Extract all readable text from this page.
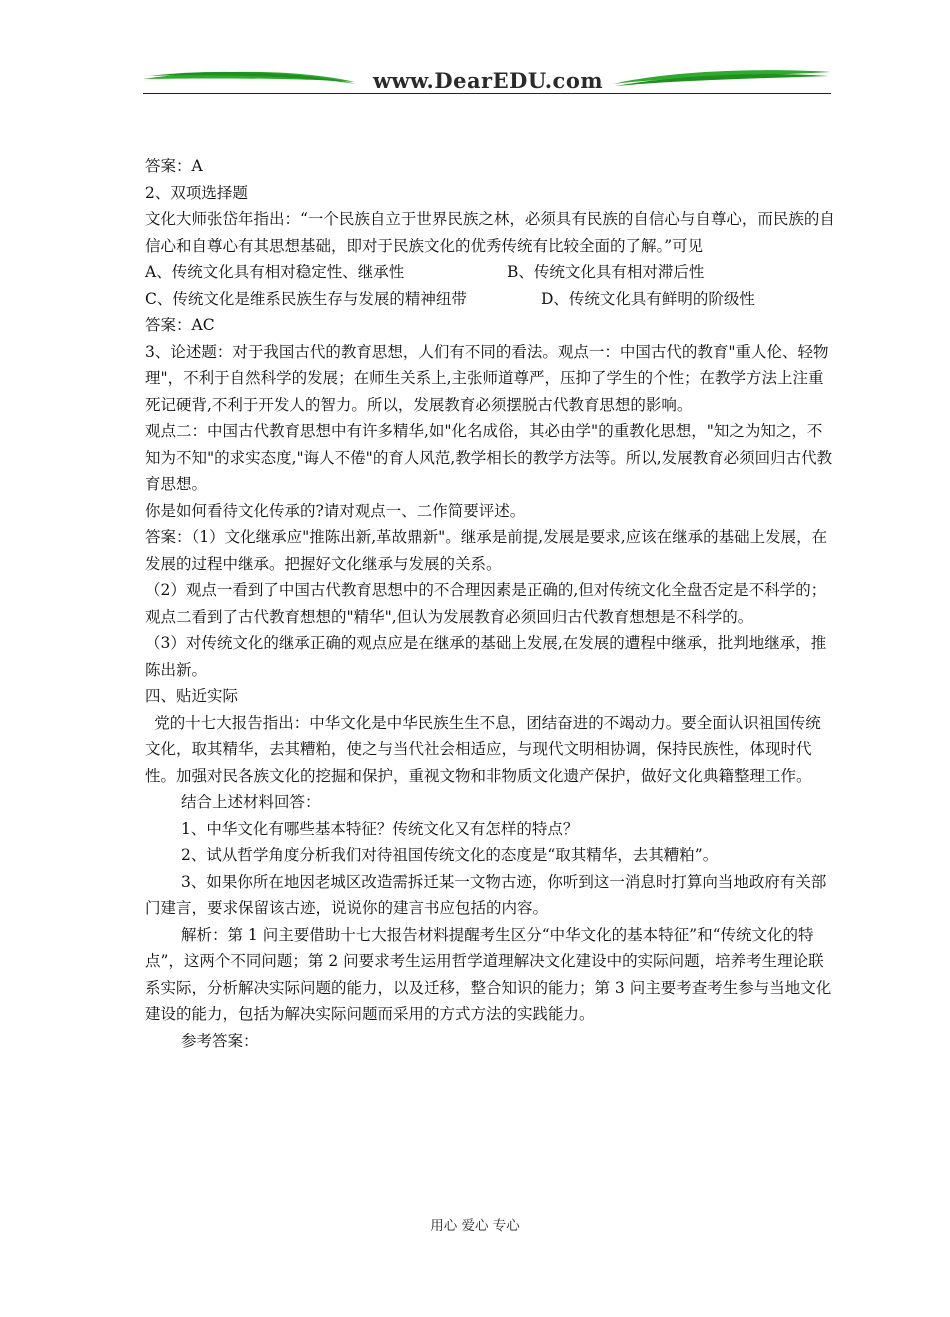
www.DearEDU.com

答案：A

2、双项选择题

文化大师张岱年指出：“一个民族自立于世界民族之林，必须具有民族的自信心与自尊心，而民族的自信心和自尊心有其思想基础，即对于民族文化的优秀传统有比较全面的了解。”可见

A、传统文化具有相对稳定性、继承性	B、传统文化具有相对滞后性
C、传统文化是维系民族生存与发展的精神纽带	D、传统文化具有鲜明的阶级性

答案：AC

3、论述题：对于我国古代的教育思想，人们有不同的看法。观点一：中国古代的教育"重人伦、轻物理"，不利于自然科学的发展；在师生关系上,主张师道尊严，压抑了学生的个性；在教学方法上注重死记硬背,不利于开发人的智力。所以，发展教育必须摆脱古代教育思想的影响。

观点二：中国古代教育思想中有许多精华,如"化名成俗，其必由学"的重教化思想，"知之为知之，不知为不知"的求实态度,"诲人不倦"的育人风范,教学相长的教学方法等。所以,发展教育必须回归古代教育思想。

你是如何看待文化传承的?请对观点一、二作简要评述。

答案：（1）文化继承应"推陈出新,革故鼎新"。继承是前提,发展是要求,应该在继承的基础上发展，在发展的过程中继承。把握好文化继承与发展的关系。

（2）观点一看到了中国古代教育思想中的不合理因素是正确的,但对传统文化全盘否定是不科学的；观点二看到了古代教育想想的"精华",但认为发展教育必须回归古代教育想想是不科学的。

（3）对传统文化的继承正确的观点应是在继承的基础上发展,在发展的遭程中继承，批判地继承，推陈出新。

四、贴近实际

党的十七大报告指出：中华文化是中华民族生生不息，团结奋进的不竭动力。要全面认识祖国传统文化，取其精华，去其糟粕，使之与当代社会相适应，与现代文明相协调，保持民族性，体现时代性。加强对民各族文化的挖掘和保护，重视文物和非物质文化遗产保护，做好文化典籍整理工作。

结合上述材料回答：

1、中华文化有哪些基本特征？传统文化又有怎样的特点？

2、试从哲学角度分析我们对待祖国传统文化的态度是“取其精华，去其糟粕”。

3、如果你所在地因老城区改造需拆迁某一文物古迹，你听到这一消息时打算向当地政府有关部门建言，要求保留该古迹，说说你的建言书应包括的内容。

解析：第 1 问主要借助十七大报告材料提醒考生区分“中华文化的基本特征”和“传统文化的特点”，这两个不同问题；第 2 问要求考生运用哲学道理解决文化建设中的实际问题，培养考生理论联系实际，分析解决实际问题的能力，以及迁移，整合知识的能力；第 3 问主要考查考生参与当地文化建设的能力，包括为解决实际问题而采用的方式方法的实践能力。

参考答案：

用心 爱心 专心
